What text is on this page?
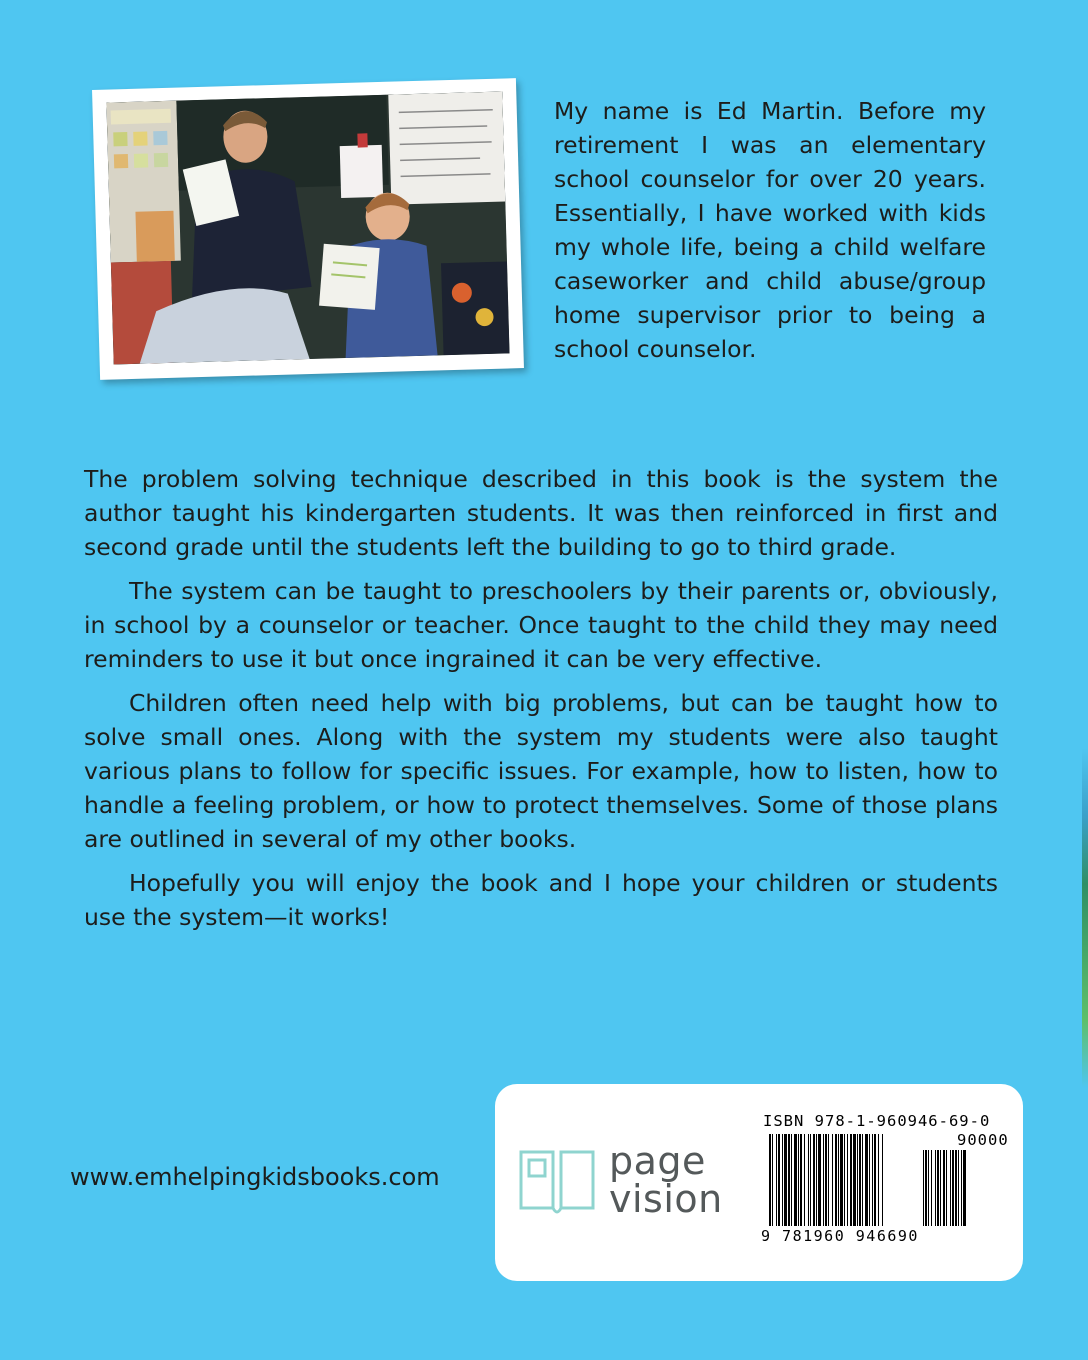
My name is Ed Martin. Before my retirement I was an elementary school counselor for over 20 years. Essentially, I have worked with kids my whole life, being a child welfare caseworker and child abuse/group home supervisor prior to being a school counselor.

The problem solving technique described in this book is the system the author taught his kindergarten students. It was then reinforced in first and second grade until the students left the building to go to third grade.

The system can be taught to preschoolers by their parents or, obviously, in school by a counselor or teacher. Once taught to the child they may need reminders to use it but once ingrained it can be very effective.

Children often need help with big problems, but can be taught how to solve small ones. Along with the system my students were also taught various plans to follow for specific issues. For example, how to listen, how to handle a feeling problem, or how to protect themselves. Some of those plans are outlined in several of my other books.

Hopefully you will enjoy the book and I hope your children or students use the system—it works!

www.emhelpingkidsbooks.com	page
vision
ISBN 978-1-960946-69-0
90000
9 781960 946690
